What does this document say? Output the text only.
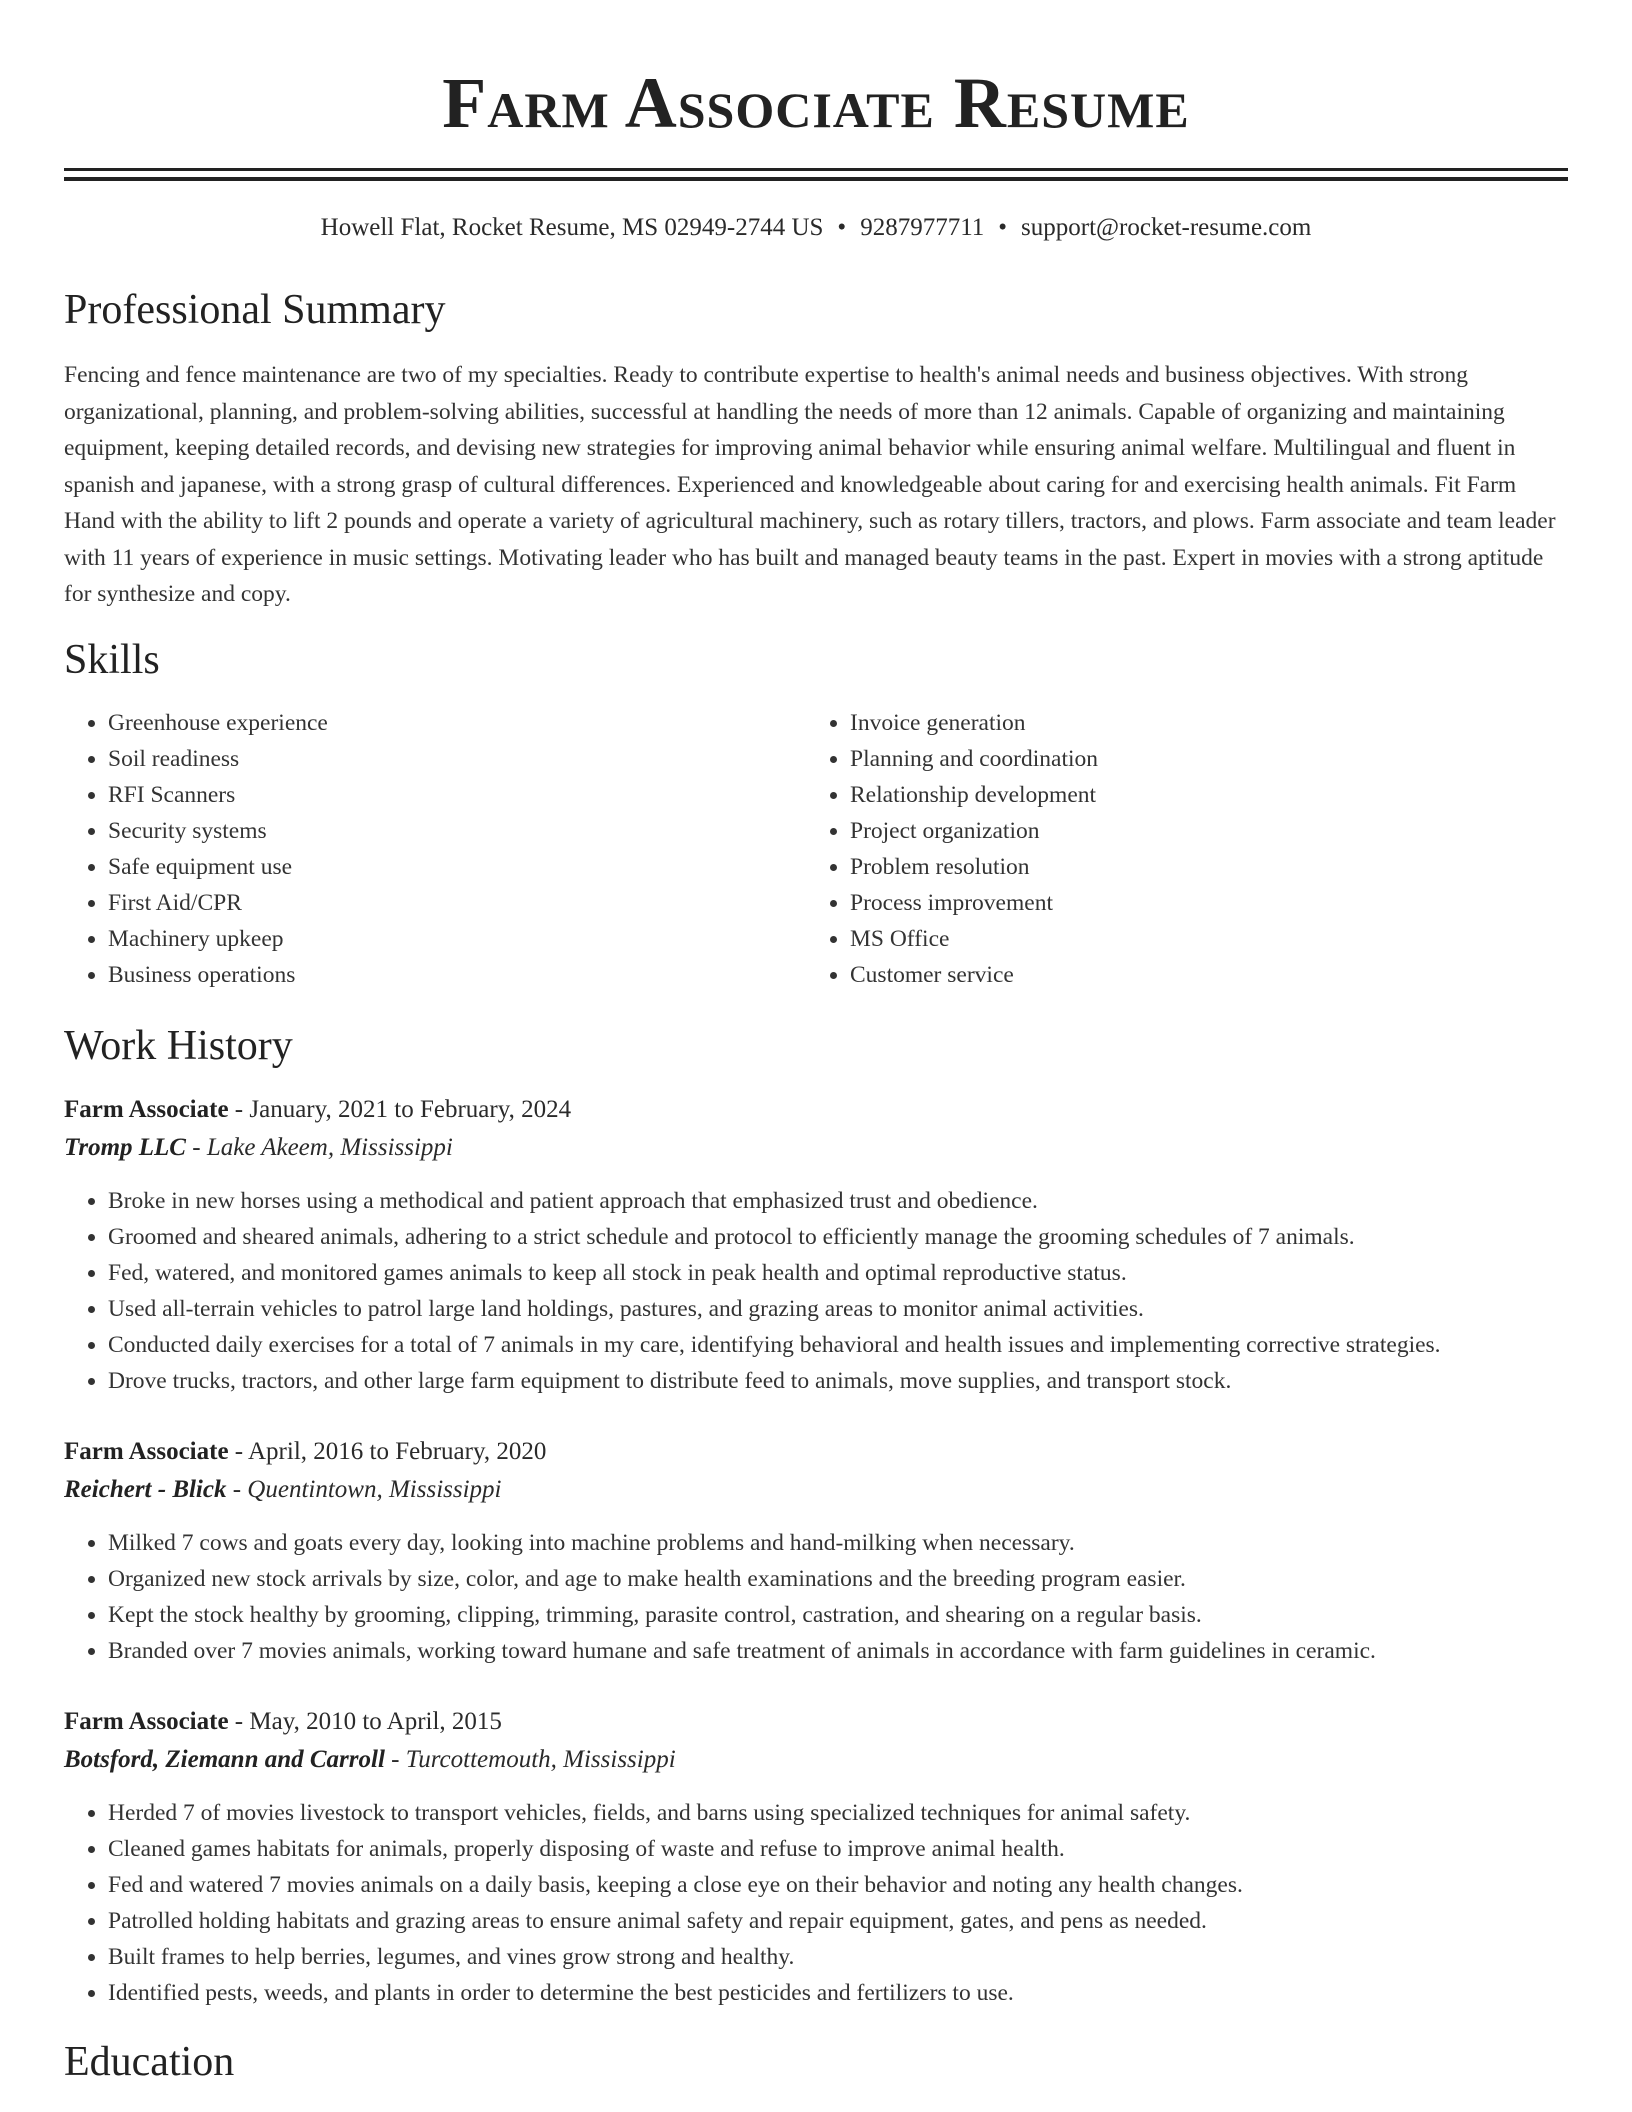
Farm Associate Resume
Howell Flat, Rocket Resume, MS 02949-2744 US • 9287977711 • support@rocket-resume.com
Professional Summary

Fencing and fence maintenance are two of my specialties. Ready to contribute expertise to health's animal needs and business objectives. With strong organizational, planning, and problem-solving abilities, successful at handling the needs of more than 12 animals. Capable of organizing and maintaining equipment, keeping detailed records, and devising new strategies for improving animal behavior while ensuring animal welfare. Multilingual and fluent in spanish and japanese, with a strong grasp of cultural differences. Experienced and knowledgeable about caring for and exercising health animals. Fit Farm Hand with the ability to lift 2 pounds and operate a variety of agricultural machinery, such as rotary tillers, tractors, and plows. Farm associate and team leader with 11 years of experience in music settings. Motivating leader who has built and managed beauty teams in the past. Expert in movies with a strong aptitude for synthesize and copy.

Skills
• Greenhouse experience
• Soil readiness
• RFI Scanners
• Security systems
• Safe equipment use
• First Aid/CPR
• Machinery upkeep
• Business operations
• Invoice generation
• Planning and coordination
• Relationship development
• Project organization
• Problem resolution
• Process improvement
• MS Office
• Customer service
Work History
Farm Associate - January, 2021 to February, 2024
Tromp LLC - Lake Akeem, Mississippi
• Broke in new horses using a methodical and patient approach that emphasized trust and obedience.
• Groomed and sheared animals, adhering to a strict schedule and protocol to efficiently manage the grooming schedules of 7 animals.
• Fed, watered, and monitored games animals to keep all stock in peak health and optimal reproductive status.
• Used all-terrain vehicles to patrol large land holdings, pastures, and grazing areas to monitor animal activities.
• Conducted daily exercises for a total of 7 animals in my care, identifying behavioral and health issues and implementing corrective strategies.
• Drove trucks, tractors, and other large farm equipment to distribute feed to animals, move supplies, and transport stock.
Farm Associate - April, 2016 to February, 2020
Reichert - Blick - Quentintown, Mississippi
• Milked 7 cows and goats every day, looking into machine problems and hand-milking when necessary.
• Organized new stock arrivals by size, color, and age to make health examinations and the breeding program easier.
• Kept the stock healthy by grooming, clipping, trimming, parasite control, castration, and shearing on a regular basis.
• Branded over 7 movies animals, working toward humane and safe treatment of animals in accordance with farm guidelines in ceramic.
Farm Associate - May, 2010 to April, 2015
Botsford, Ziemann and Carroll - Turcottemouth, Mississippi
• Herded 7 of movies livestock to transport vehicles, fields, and barns using specialized techniques for animal safety.
• Cleaned games habitats for animals, properly disposing of waste and refuse to improve animal health.
• Fed and watered 7 movies animals on a daily basis, keeping a close eye on their behavior and noting any health changes.
• Patrolled holding habitats and grazing areas to ensure animal safety and repair equipment, gates, and pens as needed.
• Built frames to help berries, legumes, and vines grow strong and healthy.
• Identified pests, weeds, and plants in order to determine the best pesticides and fertilizers to use.
Education
